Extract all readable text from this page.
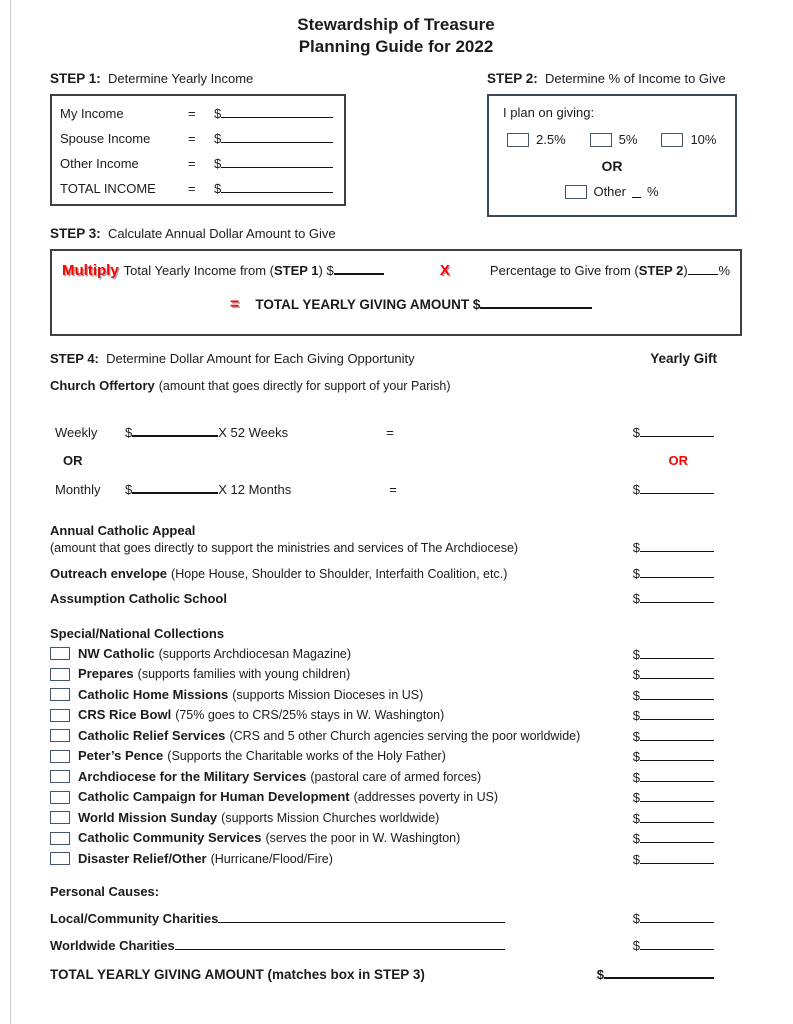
Stewardship of Treasure
Planning Guide for 2022
STEP 1: Determine Yearly Income
My Income	=	$
Spouse Income	=	$
Other Income	=	$
TOTAL INCOME	=	$
STEP 2: Determine % of Income to Give
I plan on giving:
2.5%	5%	10%
OR
Other %
STEP 3: Calculate Annual Dollar Amount to Give
Multiply Total Yearly Income from ( STEP 1 ) $	X	Percentage to Give from ( STEP 2 ) %
= TOTAL YEARLY GIVING AMOUNT $
STEP 4: Determine Dollar Amount for Each Giving Opportunity	Yearly Gift
Church Offertory (amount that goes directly for support of your Parish)
Weekly	$	X 52 Weeks	=	$
OR	OR
Monthly	$	X 12 Months	=	$
Annual Catholic Appeal
(amount that goes directly to support the ministries and services of The Archdiocese)	$
Outreach envelope (Hope House, Shoulder to Shoulder, Interfaith Coalition, etc.)	$
Assumption Catholic School	$
Special/National Collections
NW Catholic (supports Archdiocesan Magazine)	$
Prepares (supports families with young children)	$
Catholic Home Missions (supports Mission Dioceses in US)	$
CRS Rice Bowl (75% goes to CRS/25% stays in W. Washington)	$
Catholic Relief Services (CRS and 5 other Church agencies serving the poor worldwide)	$
Peter’s Pence (Supports the Charitable works of the Holy Father)	$
Archdiocese for the Military Services (pastoral care of armed forces)	$
Catholic Campaign for Human Development (addresses poverty in US)	$
World Mission Sunday (supports Mission Churches worldwide)	$
Catholic Community Services (serves the poor in W. Washington)	$
Disaster Relief/Other (Hurricane/Flood/Fire)	$
Personal Causes:
Local/Community Charities	$
Worldwide Charities	$
TOTAL YEARLY GIVING AMOUNT (matches box in STEP 3)	$
